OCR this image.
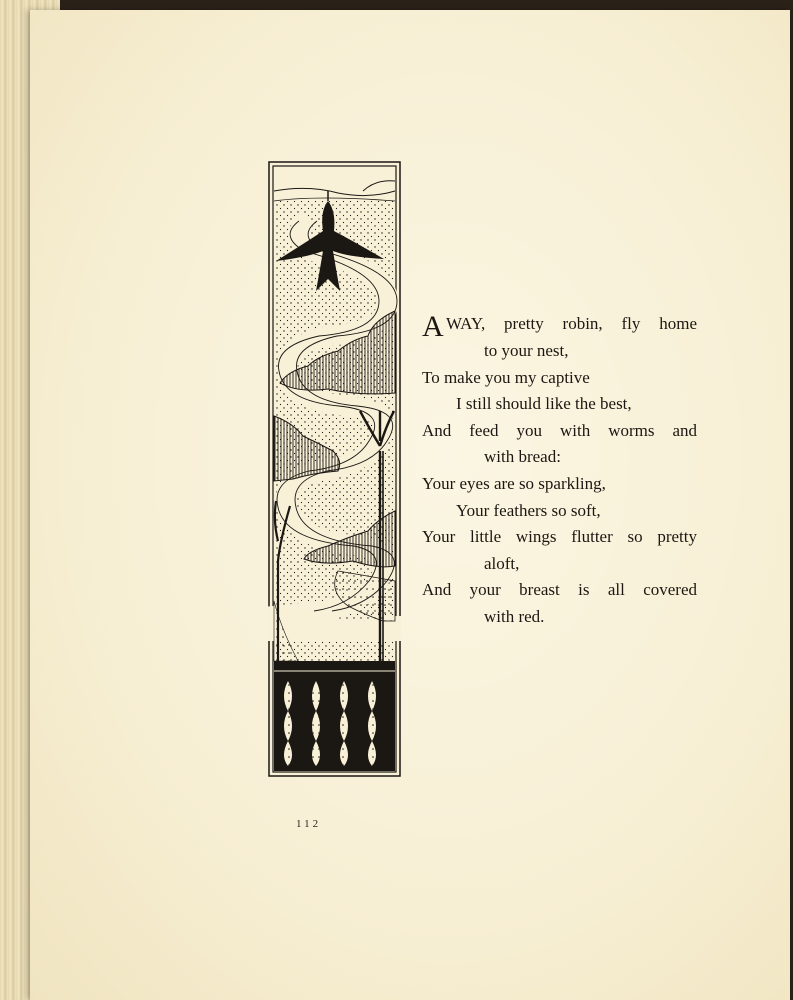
A WAY, pretty robin, fly home
to your nest,
To make you my captive
I still should like the best,
And feed you with worms and
with bread:
Your eyes are so sparkling,
Your feathers so soft,
Your little wings flutter so pretty
aloft,
And your breast is all covered
with red.
112
